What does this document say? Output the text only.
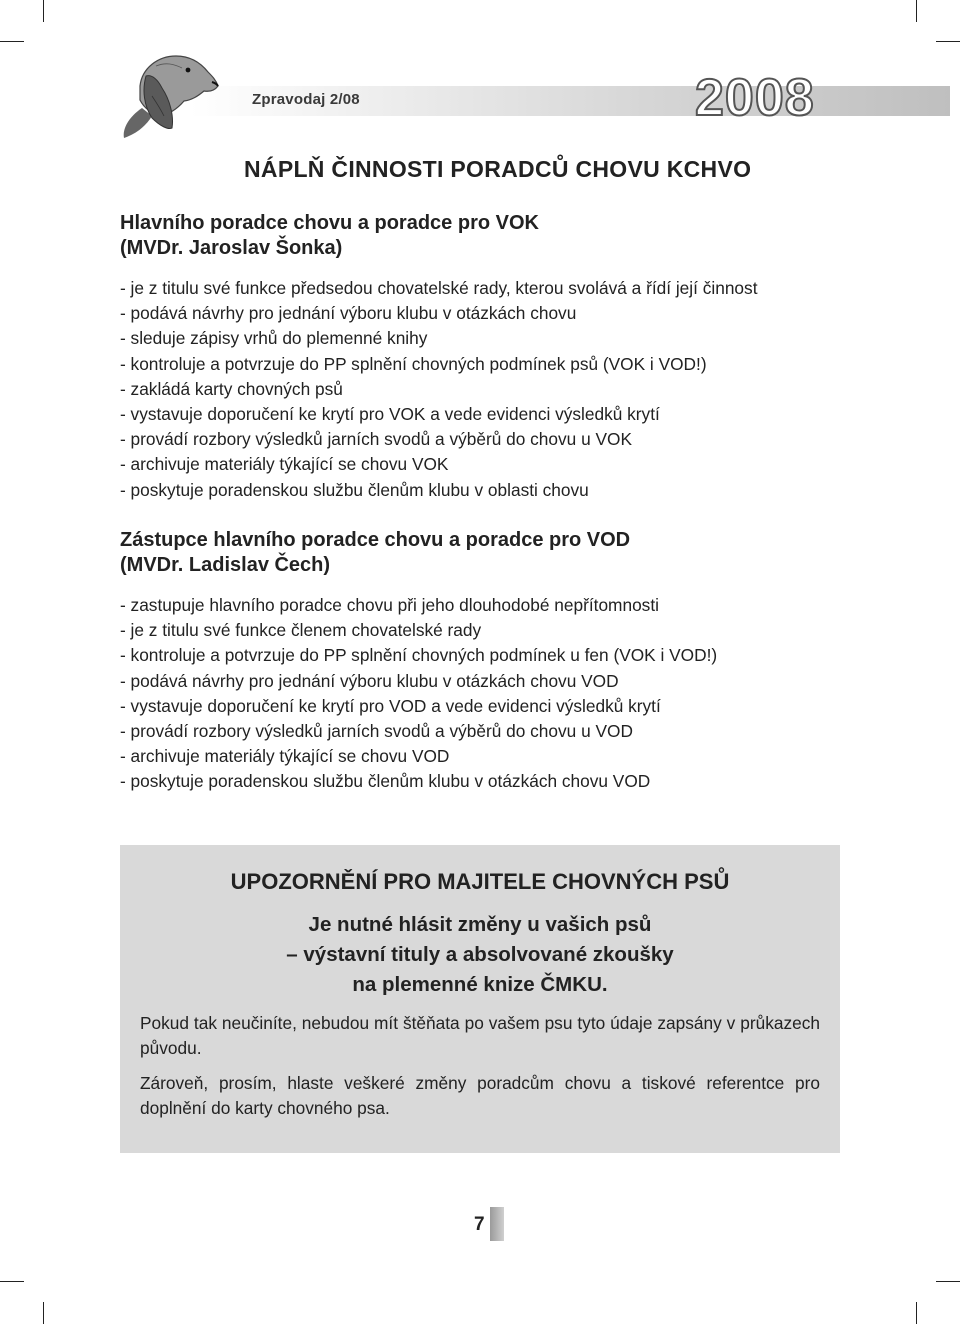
Zpravodaj 2/08	2008
NÁPLŇ ČINNOSTI PORADCŮ CHOVU KCHVO
Hlavního poradce chovu a poradce pro VOK
(MVDr. Jaroslav Šonka)
- je z titulu své funkce předsedou chovatelské rady, kterou svolává a řídí její činnost
- podává návrhy pro jednání výboru klubu v otázkách chovu
- sleduje zápisy vrhů do plemenné knihy
- kontroluje a potvrzuje do PP splnění chovných podmínek psů (VOK i VOD!)
- zakládá karty chovných psů
- vystavuje doporučení ke krytí pro VOK a vede evidenci výsledků krytí
- provádí rozbory výsledků jarních svodů a výběrů do chovu u VOK
- archivuje materiály týkající se chovu VOK
- poskytuje poradenskou službu členům klubu v oblasti chovu
Zástupce hlavního poradce chovu a poradce pro VOD
(MVDr. Ladislav Čech)
- zastupuje hlavního poradce chovu při jeho dlouhodobé nepřítomnosti
- je z titulu své funkce členem chovatelské rady
- kontroluje a potvrzuje do PP splnění chovných podmínek u fen (VOK i VOD!)
- podává návrhy pro jednání výboru klubu v otázkách chovu VOD
- vystavuje doporučení ke krytí pro VOD a vede evidenci výsledků krytí
- provádí rozbory výsledků jarních svodů a výběrů do chovu u VOD
- archivuje materiály týkající se chovu VOD
- poskytuje poradenskou službu členům klubu v otázkách chovu VOD
UPOZORNĚNÍ PRO MAJITELE CHOVNÝCH PSŮ
Je nutné hlásit změny u vašich psů
– výstavní tituly a absolvované zkoušky
na plemenné knize ČMKU.

Pokud tak neučiníte, nebudou mít štěňata po vašem psu tyto údaje zapsány v průkazech původu.

Zároveň, prosím, hlaste veškeré změny poradcům chovu a tiskové referentce pro doplnění do karty chovného psa.

7
